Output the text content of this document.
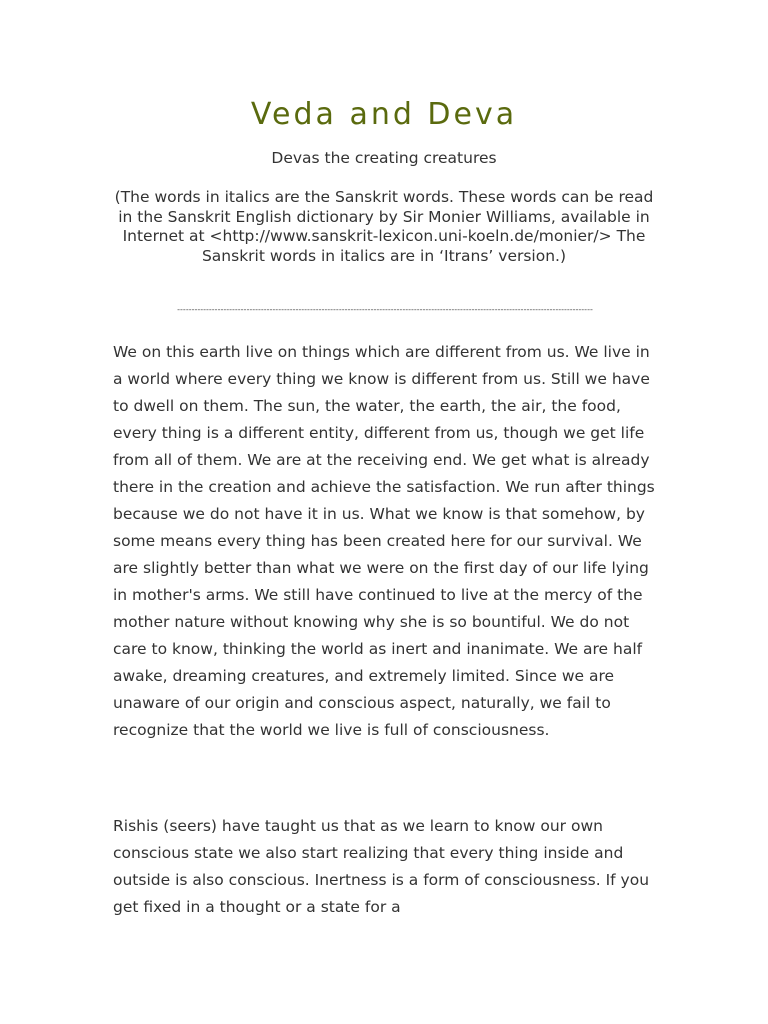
Veda and Deva

Devas the creating creatures

(The words in italics are the Sanskrit words. These words can be read in the Sanskrit English dictionary by Sir Monier Williams, available in Internet at <http://www.sanskrit-lexicon.uni-koeln.de/monier/> The Sanskrit words in italics are in ‘Itrans’ version.)

------------------------------------------------------------------------------------------------------------------------------------------------

We on this earth live on things which are different from us. We live in a world where every thing we know is different from us. Still we have to dwell on them. The sun, the water, the earth, the air, the food, every thing is a different entity, different from us, though we get life from all of them. We are at the receiving end. We get what is already there in the creation and achieve the satisfaction. We run after things because we do not have it in us. What we know is that somehow, by some means every thing has been created here for our survival. We are slightly better than what we were on the first day of our life lying in mother's arms. We still have continued to live at the mercy of the mother nature without knowing why she is so bountiful. We do not care to know, thinking the world as inert and inanimate. We are half awake, dreaming creatures, and extremely limited. Since we are unaware of our origin and conscious aspect, naturally, we fail to recognize that the world we live is full of consciousness.

Rishis (seers) have taught us that as we learn to know our own conscious state we also start realizing that every thing inside and outside is also conscious. Inertness is a form of consciousness. If you get fixed in a thought or a state for a
